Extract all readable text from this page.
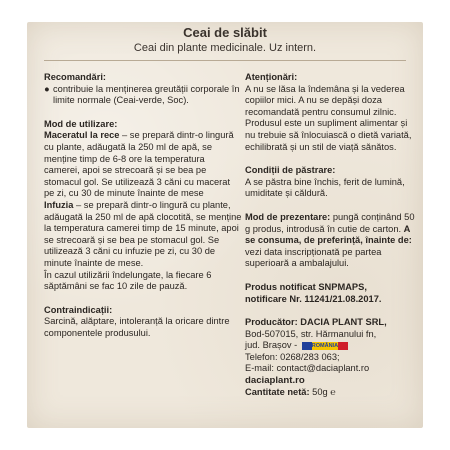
Ceai de slăbit
Ceai din plante medicinale. Uz intern.
Recomandări:
● contribuie la menținerea greutății corporale în limite normale (Ceai-verde, Soc).
Mod de utilizare:

Maceratul la rece – se prepară dintr-o lingură cu plante, adăugată la 250 ml de apă, se menține timp de 6-8 ore la temperatura camerei, apoi se strecoară și se bea pe stomacul gol. Se utilizează 3 căni cu macerat pe zi, cu 30 de minute înainte de mese

Infuzia – se prepară dintr-o lingură cu plante, adăugată la 250 ml de apă clocotită, se menține la temperatura camerei timp de 15 minute, apoi se strecoară și se bea pe stomacul gol. Se utilizează 3 căni cu infuzie pe zi, cu 30 de minute înainte de mese.

În cazul utilizării îndelungate, la fiecare 6 săptămâni se fac 10 zile de pauză.

Contraindicații:

Sarcină, alăptare, intoleranță la oricare dintre componentele produsului.

Atenționări:

A nu se lăsa la îndemâna și la vederea copiilor mici. A nu se depăși doza recomandată pentru consumul zilnic. Produsul este un supliment alimentar și nu trebuie să înlocuiască o dietă variată, echilibrată și un stil de viață sănătos.

Condiții de păstrare:

A se păstra bine închis, ferit de lumină, umiditate și căldură.

Mod de prezentare: pungă conținând 50 g produs, introdusă în cutie de carton. A se consuma, de preferință, înainte de: vezi data inscripționată pe partea superioară a ambalajului.

Produs notificat SNPMAPS,
notificare Nr. 11241/21.08.2017.
Producător: DACIA PLANT SRL,

Bod-507015, str. Hărmanului fn,

jud. Brașov - ROMÂNIA

Telefon: 0268/283 063;

E-mail: contact@daciaplant.ro

daciaplant.ro

Cantitate netă: 50g ℮
